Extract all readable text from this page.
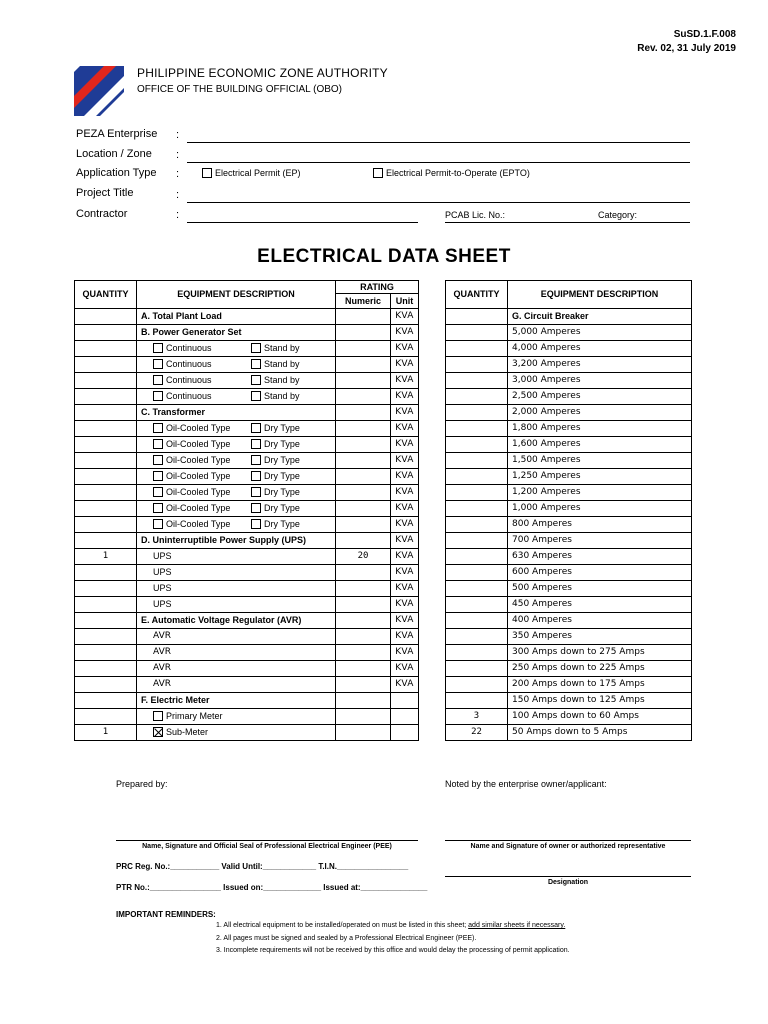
SuSD.1.F.008
Rev. 02, 31 July 2019
PHILIPPINE ECONOMIC ZONE AUTHORITY
OFFICE OF THE BUILDING OFFICIAL (OBO)
PEZA Enterprise :
Location / Zone :
Application Type :	Electrical Permit (EP)	Electrical Permit-to-Operate (EPTO)
Project Title	:
Contractor	:	PCAB Lic. No.:	Category:
ELECTRICAL DATA SHEET
QUANTITY	EQUIPMENT DESCRIPTION	RATING	
		Numeric	Unit
	A. Total Plant Load		KVA
	B. Power Generator Set		KVA

	Continuous Stand by		KVA

	Continuous Stand by		KVA

	Continuous Stand by		KVA

	Continuous Stand by		KVA
	C. Transformer		KVA

	Oil-Cooled Type Dry Type		KVA

	Oil-Cooled Type Dry Type		KVA

	Oil-Cooled Type Dry Type		KVA

	Oil-Cooled Type Dry Type		KVA

	Oil-Cooled Type Dry Type		KVA

	Oil-Cooled Type Dry Type		KVA

	Oil-Cooled Type Dry Type		KVA
	D. Uninterruptible Power Supply (UPS)		KVA
1	UPS	20	KVA
	UPS		KVA
	UPS		KVA
	UPS		KVA
	E. Automatic Voltage Regulator (AVR)		KVA
	AVR		KVA
	AVR		KVA
	AVR		KVA
	AVR		KVA
	F. Electric Meter		
	Primary Meter		
1	Sub-Meter		
QUANTITY	EQUIPMENT DESCRIPTION
	G. Circuit Breaker
	5,000 Amperes
	4,000 Amperes
	3,200 Amperes
	3,000 Amperes
	2,500 Amperes
	2,000 Amperes
	1,800 Amperes
	1,600 Amperes
	1,500 Amperes
	1,250 Amperes
	1,200 Amperes
	1,000 Amperes
	800 Amperes
	700 Amperes
	630 Amperes
	600 Amperes
	500 Amperes
	450 Amperes
	400 Amperes
	350 Amperes
	300 Amps down to 275 Amps
	250 Amps down to 225 Amps
	200 Amps down to 175 Amps
	150 Amps down to 125 Amps
3	100 Amps down to 60 Amps
22	50 Amps down to 5 Amps
Prepared by:	Noted by the enterprise owner/applicant:
Name, Signature and Official Seal of Professional Electrical Engineer (PEE)	Name and Signature of owner or authorized representative
PRC Reg. No.:___________ Valid Until:____________ T.I.N.________________
PTR No.:________________ Issued on:_____________ Issued at:_______________
Designation
IMPORTANT REMINDERS:
1. All electrical equipment to be installed/operated on must be listed in this sheet; add similar sheets if necessary.
2. All pages must be signed and sealed by a Professional Electrical Engineer (PEE).
3. Incomplete requirements will not be received by this office and would delay the processing of permit application.
